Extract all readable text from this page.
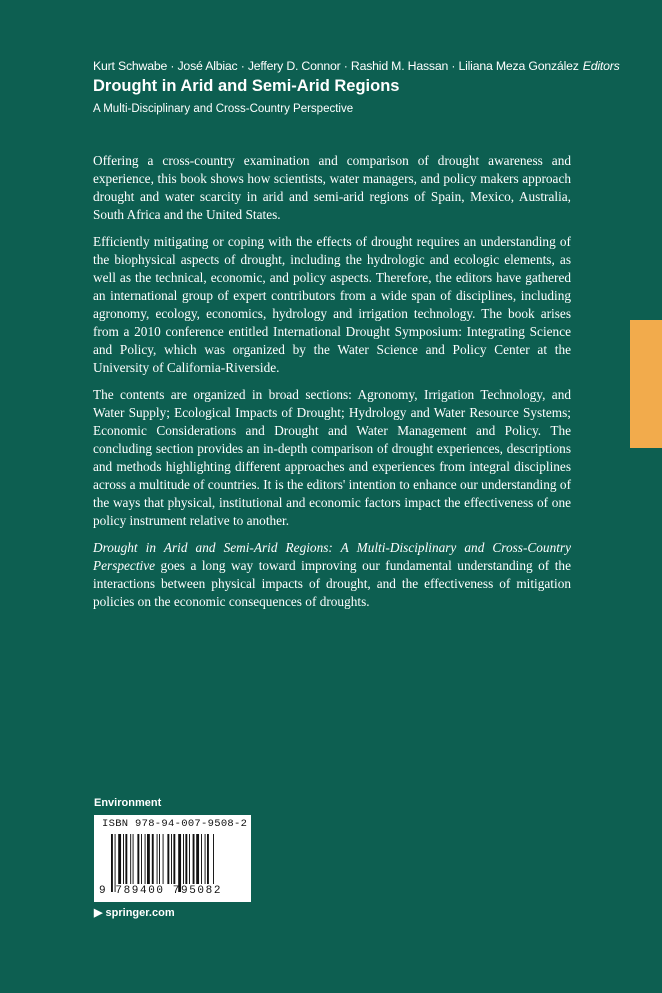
Kurt Schwabe · José Albiac · Jeffery D. Connor · Rashid M. Hassan · Liliana Meza González Editors
Drought in Arid and Semi-Arid Regions
A Multi-Disciplinary and Cross-Country Perspective

Offering a cross-country examination and comparison of drought awareness and experience, this book shows how scientists, water managers, and policy makers approach drought and water scarcity in arid and semi-arid regions of Spain, Mexico, Australia, South Africa and the United States.

Efficiently mitigating or coping with the effects of drought requires an understanding of the biophysical aspects of drought, including the hydrologic and ecologic elements, as well as the technical, economic, and policy aspects. Therefore, the editors have gathered an international group of expert contributors from a wide span of disciplines, including agronomy, ecology, economics, hydrology and irrigation technology. The book arises from a 2010 conference entitled International Drought Symposium: Integrating Science and Policy, which was organized by the Water Science and Policy Center at the University of California-Riverside.

The contents are organized in broad sections: Agronomy, Irrigation Technology, and Water Supply; Ecological Impacts of Drought; Hydrology and Water Resource Systems; Economic Considerations and Drought and Water Management and Policy. The concluding section provides an in-depth comparison of drought experiences, descriptions and methods highlighting different approaches and experiences from integral disciplines across a multitude of countries. It is the editors' intention to enhance our understanding of the ways that physical, institutional and economic factors impact the effectiveness of one policy instrument relative to another.

Drought in Arid and Semi-Arid Regions: A Multi-Disciplinary and Cross-Country Perspective goes a long way toward improving our fundamental understanding of the interactions between physical impacts of drought, and the effectiveness of mitigation policies on the economic consequences of droughts.

Environment
ISBN 978-94-007-9508-2
9 789400 795082
▶ springer.com
